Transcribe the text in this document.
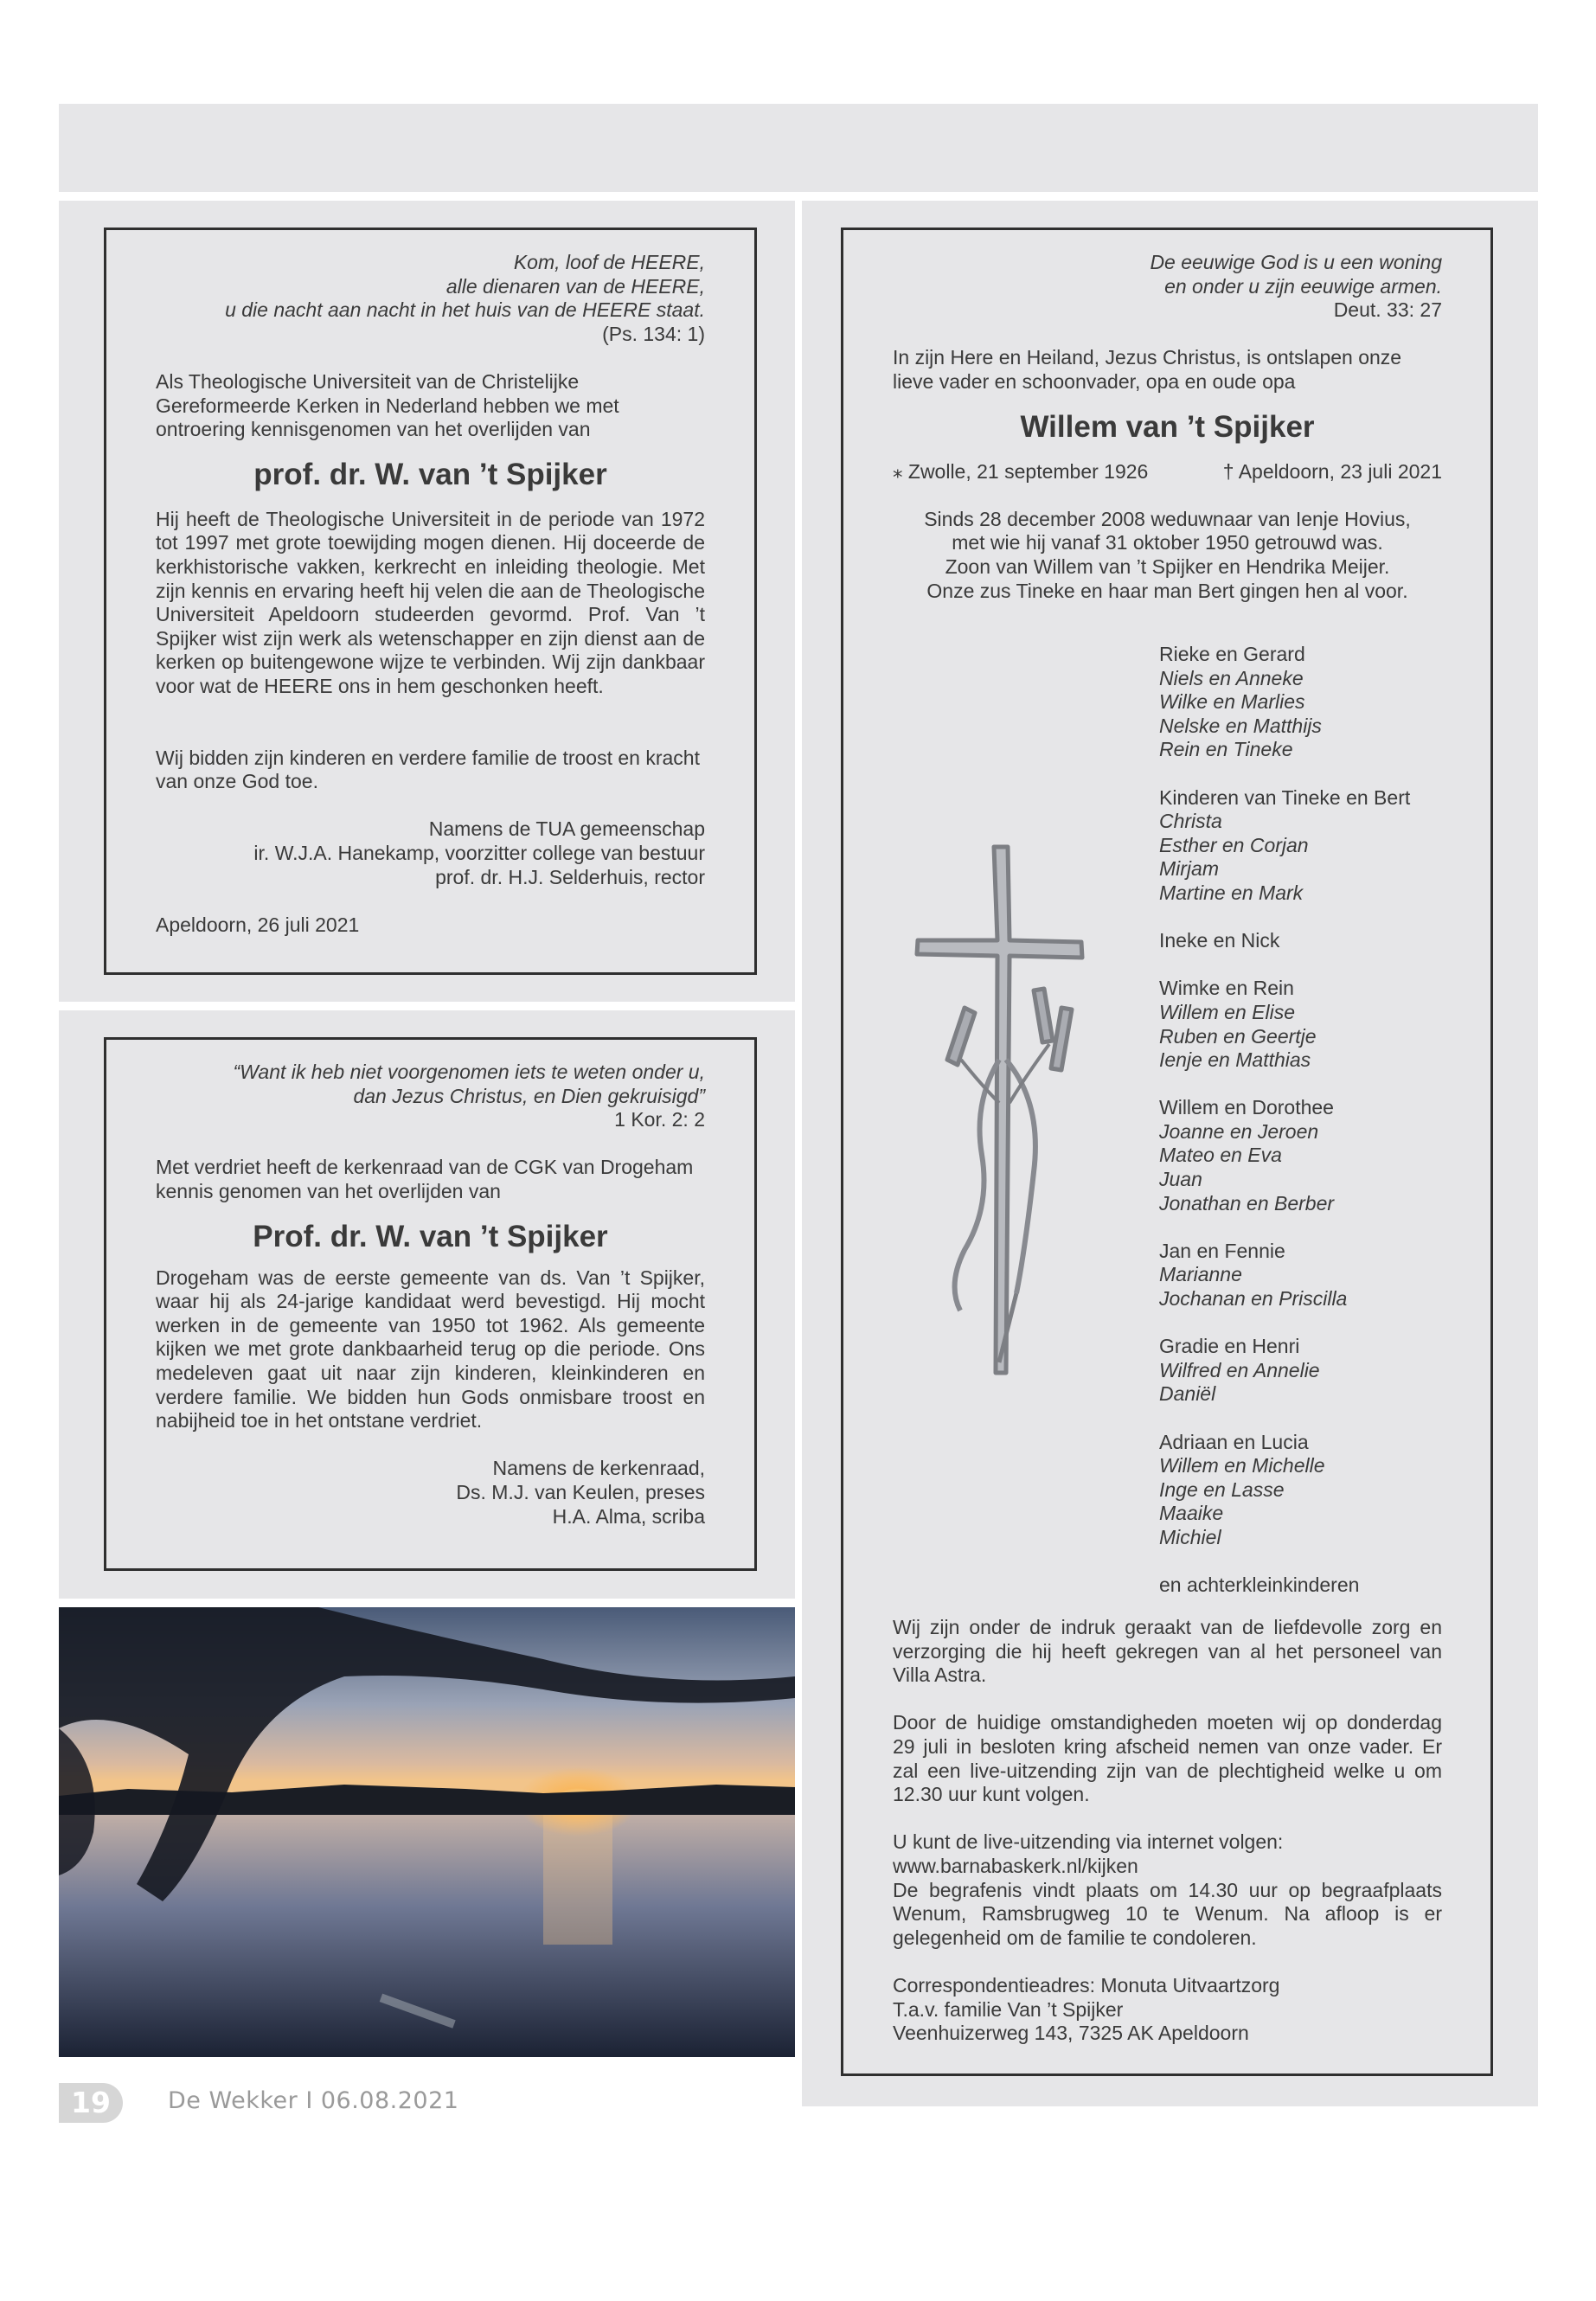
Kom, loof de HEERE,

alle dienaren van de HEERE,

u die nacht aan nacht in het huis van de HEERE staat.

(Ps. 134: 1)

Als Theologische Universiteit van de Christelijke Gereformeerde Kerken in Nederland hebben we met ontroering kennisgenomen van het overlijden van

prof. dr. W. van ’t Spijker

Hij heeft de Theologische Universiteit in de periode van 1972 tot 1997 met grote toewijding mogen dienen. Hij doceerde de kerkhistorische vakken, kerkrecht en inleiding theologie. Met zijn kennis en ervaring heeft hij velen die aan de Theologische Universiteit Apeldoorn studeerden gevormd. Prof. Van ’t Spijker wist zijn werk als wetenschapper en zijn dienst aan de kerken op buitengewone wijze te verbinden. Wij zijn dankbaar voor wat de HEERE ons in hem geschonken heeft.

Wij bidden zijn kinderen en verdere familie de troost en kracht van onze God toe.

Namens de TUA gemeenschap

ir. W.J.A. Hanekamp, voorzitter college van bestuur

prof. dr. H.J. Selderhuis, rector

Apeldoorn, 26 juli 2021

“Want ik heb niet voorgenomen iets te weten onder u,

dan Jezus Christus, en Dien gekruisigd”

1 Kor. 2: 2

Met verdriet heeft de kerkenraad van de CGK van Drogeham kennis genomen van het overlijden van

Prof. dr. W. van ’t Spijker

Drogeham was de eerste gemeente van ds. Van ’t Spijker, waar hij als 24-jarige kandidaat werd bevestigd. Hij mocht werken in de gemeente van 1950 tot 1962. Als gemeente kijken we met grote dankbaarheid terug op die periode. Ons medeleven gaat uit naar zijn kinderen, kleinkinderen en verdere familie. We bidden hun Gods onmisbare troost en nabijheid toe in het ontstane verdriet.

Namens de kerkenraad,

Ds. M.J. van Keulen, preses

H.A. Alma, scriba

De eeuwige God is u een woning

en onder u zijn eeuwige armen.

Deut. 33: 27

In zijn Here en Heiland, Jezus Christus, is ontslapen onze lieve vader en schoonvader, opa en oude opa

Willem van ’t Spijker

⁎ Zwolle, 21 september 1926	† Apeldoorn, 23 juli 2021

Sinds 28 december 2008 weduwnaar van Ienje Hovius,

met wie hij vanaf 31 oktober 1950 getrouwd was.

Zoon van Willem van ’t Spijker en Hendrika Meijer.

Onze zus Tineke en haar man Bert gingen hen al voor.

Rieke en Gerard

Niels en Anneke

Wilke en Marlies

Nelske en Matthijs

Rein en Tineke

Kinderen van Tineke en Bert

Christa

Esther en Corjan

Mirjam

Martine en Mark

Ineke en Nick

Wimke en Rein

Willem en Elise

Ruben en Geertje

Ienje en Matthias

Willem en Dorothee

Joanne en Jeroen

Mateo en Eva

Juan

Jonathan en Berber

Jan en Fennie

Marianne

Jochanan en Priscilla

Gradie en Henri

Wilfred en Annelie

Daniël

Adriaan en Lucia

Willem en Michelle

Inge en Lasse

Maaike

Michiel

en achterkleinkinderen

Wij zijn onder de indruk geraakt van de liefdevolle zorg en verzorging die hij heeft gekregen van al het personeel van Villa Astra.

Door de huidige omstandigheden moeten wij op donderdag 29 juli in besloten kring afscheid nemen van onze vader. Er zal een live-uitzending zijn van de plechtigheid welke u om 12.30 uur kunt volgen.

U kunt de live-uitzending via internet volgen:

www.barnabaskerk.nl/kijken

De begrafenis vindt plaats om 14.30 uur op begraafplaats Wenum, Ramsbrugweg 10 te Wenum. Na afloop is er gelegenheid om de familie te condoleren.

Correspondentieadres: Monuta Uitvaartzorg

T.a.v. familie Van ’t Spijker

Veenhuizerweg 143, 7325 AK Apeldoorn

19	De Wekker I 06.08.2021
